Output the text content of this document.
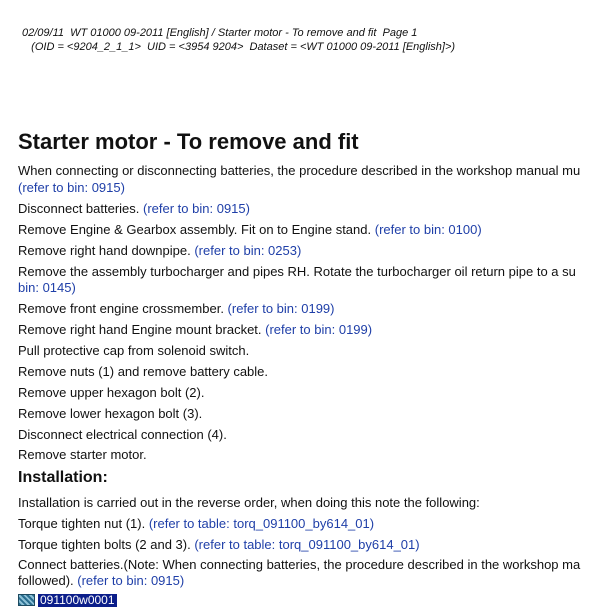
02/09/11  WT 01000 09-2011 [English] / Starter motor - To remove and fit  Page 1
(OID = <9204_2_1_1>  UID = <3954 9204>  Dataset = <WT 01000 09-2011 [English]>)
Starter motor - To remove and fit
When connecting or disconnecting batteries, the procedure described in the workshop manual mu
(refer to bin: 0915)
Disconnect batteries. (refer to bin: 0915)
Remove Engine & Gearbox assembly. Fit on to Engine stand. (refer to bin: 0100)
Remove right hand downpipe. (refer to bin: 0253)
Remove the assembly turbocharger and pipes RH. Rotate the turbocharger oil return pipe to a su
bin: 0145)
Remove front engine crossmember. (refer to bin: 0199)
Remove right hand Engine mount bracket. (refer to bin: 0199)
Pull protective cap from solenoid switch.
Remove nuts (1) and remove battery cable.
Remove upper hexagon bolt (2).
Remove lower hexagon bolt (3).
Disconnect electrical connection (4).
Remove starter motor.
Installation:
Installation is carried out in the reverse order, when doing this note the following:
Torque tighten nut (1). (refer to table: torq_091100_by614_01)
Torque tighten bolts (2 and 3). (refer to table: torq_091100_by614_01)
Connect batteries.(Note: When connecting batteries, the procedure described in the workshop ma
followed). (refer to bin: 0915)
091100w0001
